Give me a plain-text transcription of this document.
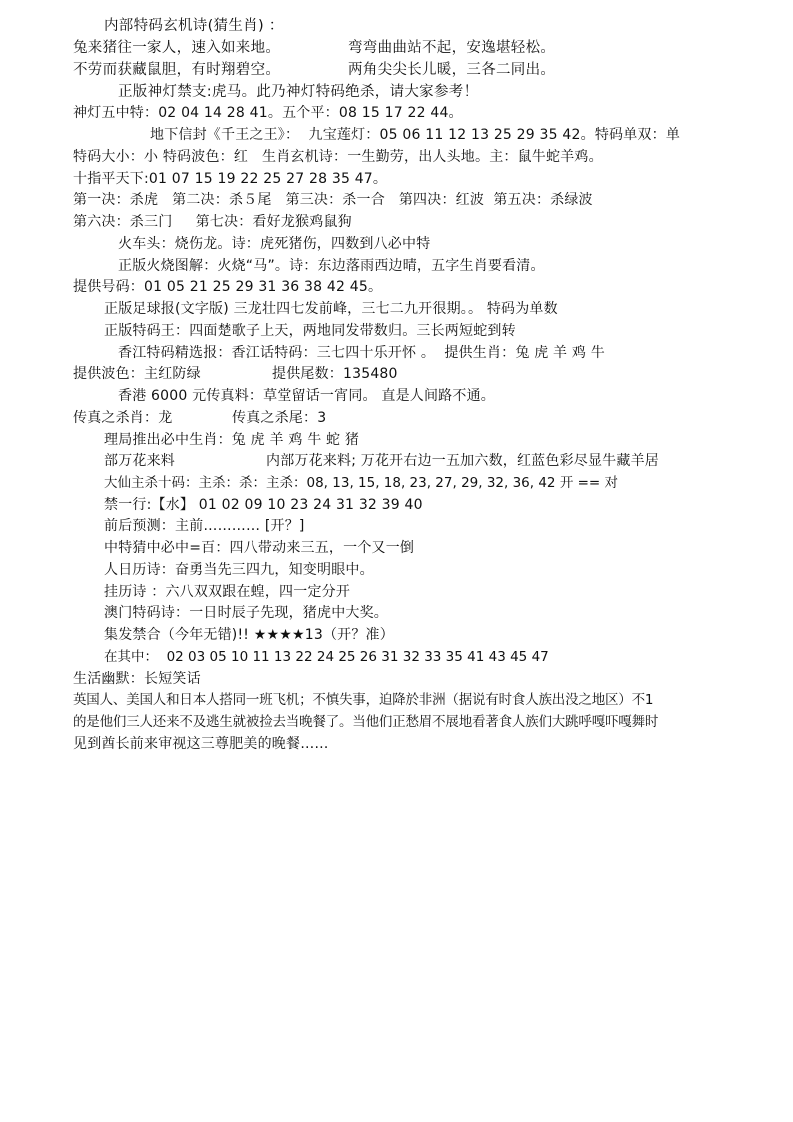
内部特码玄机诗(猜生肖) ：
兔来猪往一家人，速入如来地。	弯弯曲曲站不起，安逸堪轻松。
不劳而获藏鼠胆，有时翔碧空。	两角尖尖长儿暖，三各二同出。
正版神灯禁支:虎马。此乃神灯特码绝杀，请大家参考！
神灯五中特：02 04 14 28 41。五个平：08 15 17 22 44。
地下信封《千王之王》：  九宝莲灯：05 06 11 12 13 25 29 35 42。特码单双：单
特码大小：小 特码波色：红   生肖玄机诗：一生勤劳，出人头地。主：鼠牛蛇羊鸡。
十指平天下:01 07 15 19 22 25 27 28 35 47。
第一决：杀虎   第二决：杀５尾   第三决：杀一合   第四决：红波  第五决：杀绿波
第六决：杀三门     第七决：看好龙猴鸡鼠狗
火车头：烧伤龙。诗：虎死猪伤，四数到八必中特
正版火烧图解：火烧“马”。诗：东边落雨西边晴，五字生肖要看清。
提供号码：01 05 21 25 29 31 36 38 42 45。
正版足球报(文字版) 三龙壮四七发前峰，三七二九开很期。。 特码为单数
正版特码王：四面楚歌子上天，两地同发带数归。三长两短蛇到转
香江特码精选报：香江话特码：三七四十乐开怀 。  提供生肖：兔 虎 羊 鸡 牛
提供波色：主红防绿	提供尾数：135480
香港 6000 元传真料：草堂留话一宵同。 直是人间路不通。
传真之杀肖：龙	传真之杀尾：3
理局推出必中生肖：兔 虎 羊 鸡 牛 蛇 猪
部万花来料	内部万花来料; 万花开右边一五加六数，红蓝色彩尽显牛藏羊居
大仙主杀十码：主杀：杀：主杀：08, 13, 15, 18, 23, 27, 29, 32, 36, 42 开 == 对
禁一行:【水】 01 02 09 10 23 24 31 32 39 40
前后预测：主前………… [开？]
中特猜中必中=百：四八带动来三五，一个又一倒
人日历诗：奋勇当先三四九，知变明眼中。
挂历诗 ：六八双双跟在蝗，四一定分开
澳门特码诗：一日时辰子先现，猪虎中大奖。
集发禁合（今年无错)!! ★★★★13（开？准）
在其中：  02 03 05 10 11 13 22 24 25 26 31 32 33 35 41 43 45 47
生活幽默：长短笑话
英国人、美国人和日本人搭同一班飞机；不慎失事，迫降於非洲（据说有时食人族出没之地区）不1
的是他们三人还来不及逃生就被捡去当晚餐了。当他们正愁眉不展地看著食人族们大跳呼嘎吓嘎舞时
见到酋长前来审视这三尊肥美的晚餐……
